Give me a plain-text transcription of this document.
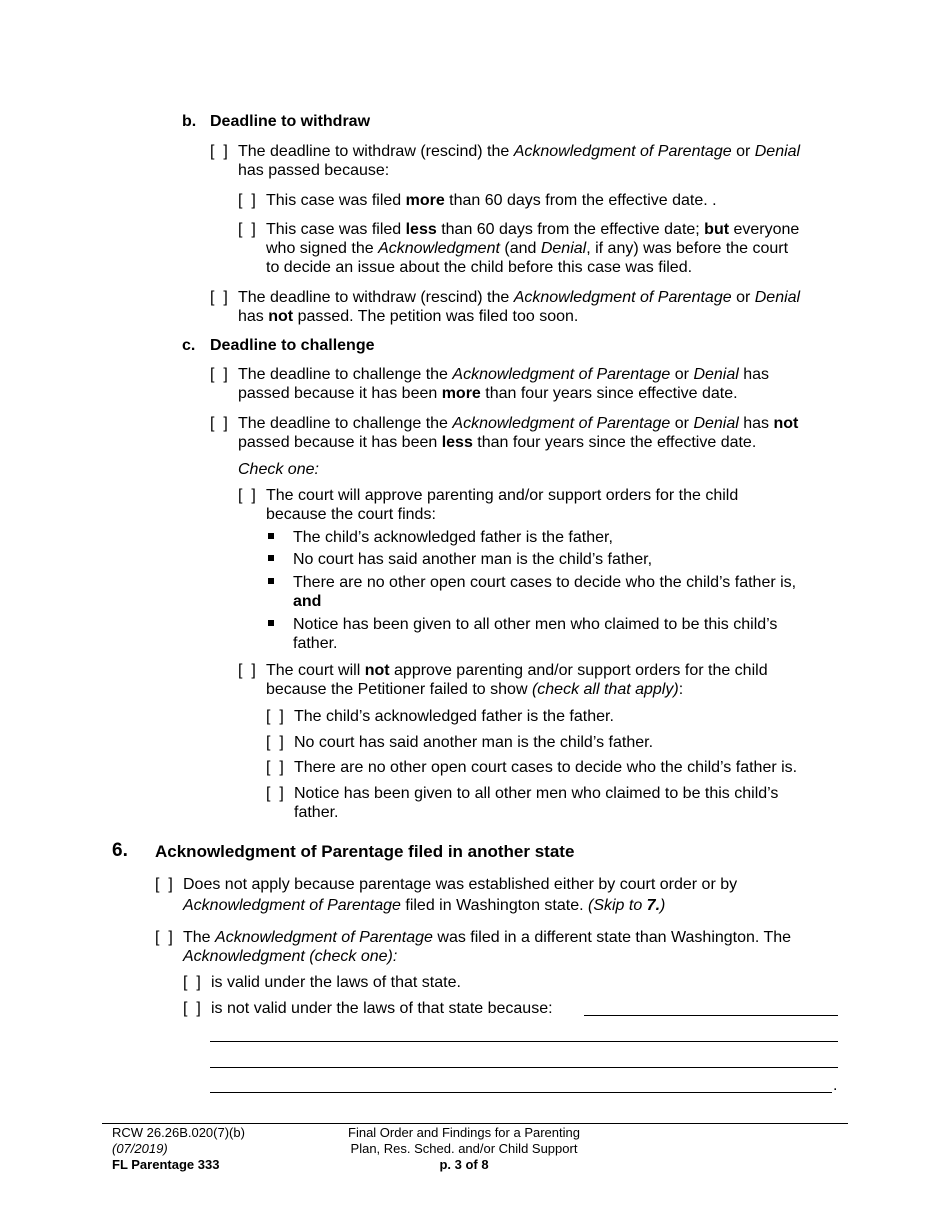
b. Deadline to withdraw
[  ] The deadline to withdraw (rescind) the Acknowledgment of Parentage or Denial
has passed because:
[  ] This case was filed more than 60 days from the effective date. .
[  ] This case was filed less than 60 days from the effective date; but everyone
who signed the Acknowledgment (and Denial, if any) was before the court
to decide an issue about the child before this case was filed.
[  ] The deadline to withdraw (rescind) the Acknowledgment of Parentage or Denial
has not passed. The petition was filed too soon.
c. Deadline to challenge
[  ] The deadline to challenge the Acknowledgment of Parentage or Denial has
passed because it has been more than four years since effective date.
[  ] The deadline to challenge the Acknowledgment of Parentage or Denial has not
passed because it has been less than four years since the effective date.
Check one:
[  ] The court will approve parenting and/or support orders for the child
because the court finds:
The child’s acknowledged father is the father,
No court has said another man is the child’s father,
There are no other open court cases to decide who the child’s father is,
and
Notice has been given to all other men who claimed to be this child’s
father.
[  ] The court will not approve parenting and/or support orders for the child
because the Petitioner failed to show (check all that apply):
[  ] The child’s acknowledged father is the father.
[  ] No court has said another man is the child’s father.
[  ] There are no other open court cases to decide who the child’s father is.
[  ] Notice has been given to all other men who claimed to be this child’s
father.
6. Acknowledgment of Parentage filed in another state
[  ] Does not apply because parentage was established either by court order or by
Acknowledgment of Parentage filed in Washington state. (Skip to 7.)
[  ] The Acknowledgment of Parentage was filed in a different state than Washington. The
Acknowledgment (check one):
[  ] is valid under the laws of that state.
[  ] is not valid under the laws of that state because:
.
RCW 26.26B.020(7)(b)
(07/2019)
FL Parentage 333
Final Order and Findings for a Parenting
Plan, Res. Sched. and/or Child Support
p. 3 of 8
